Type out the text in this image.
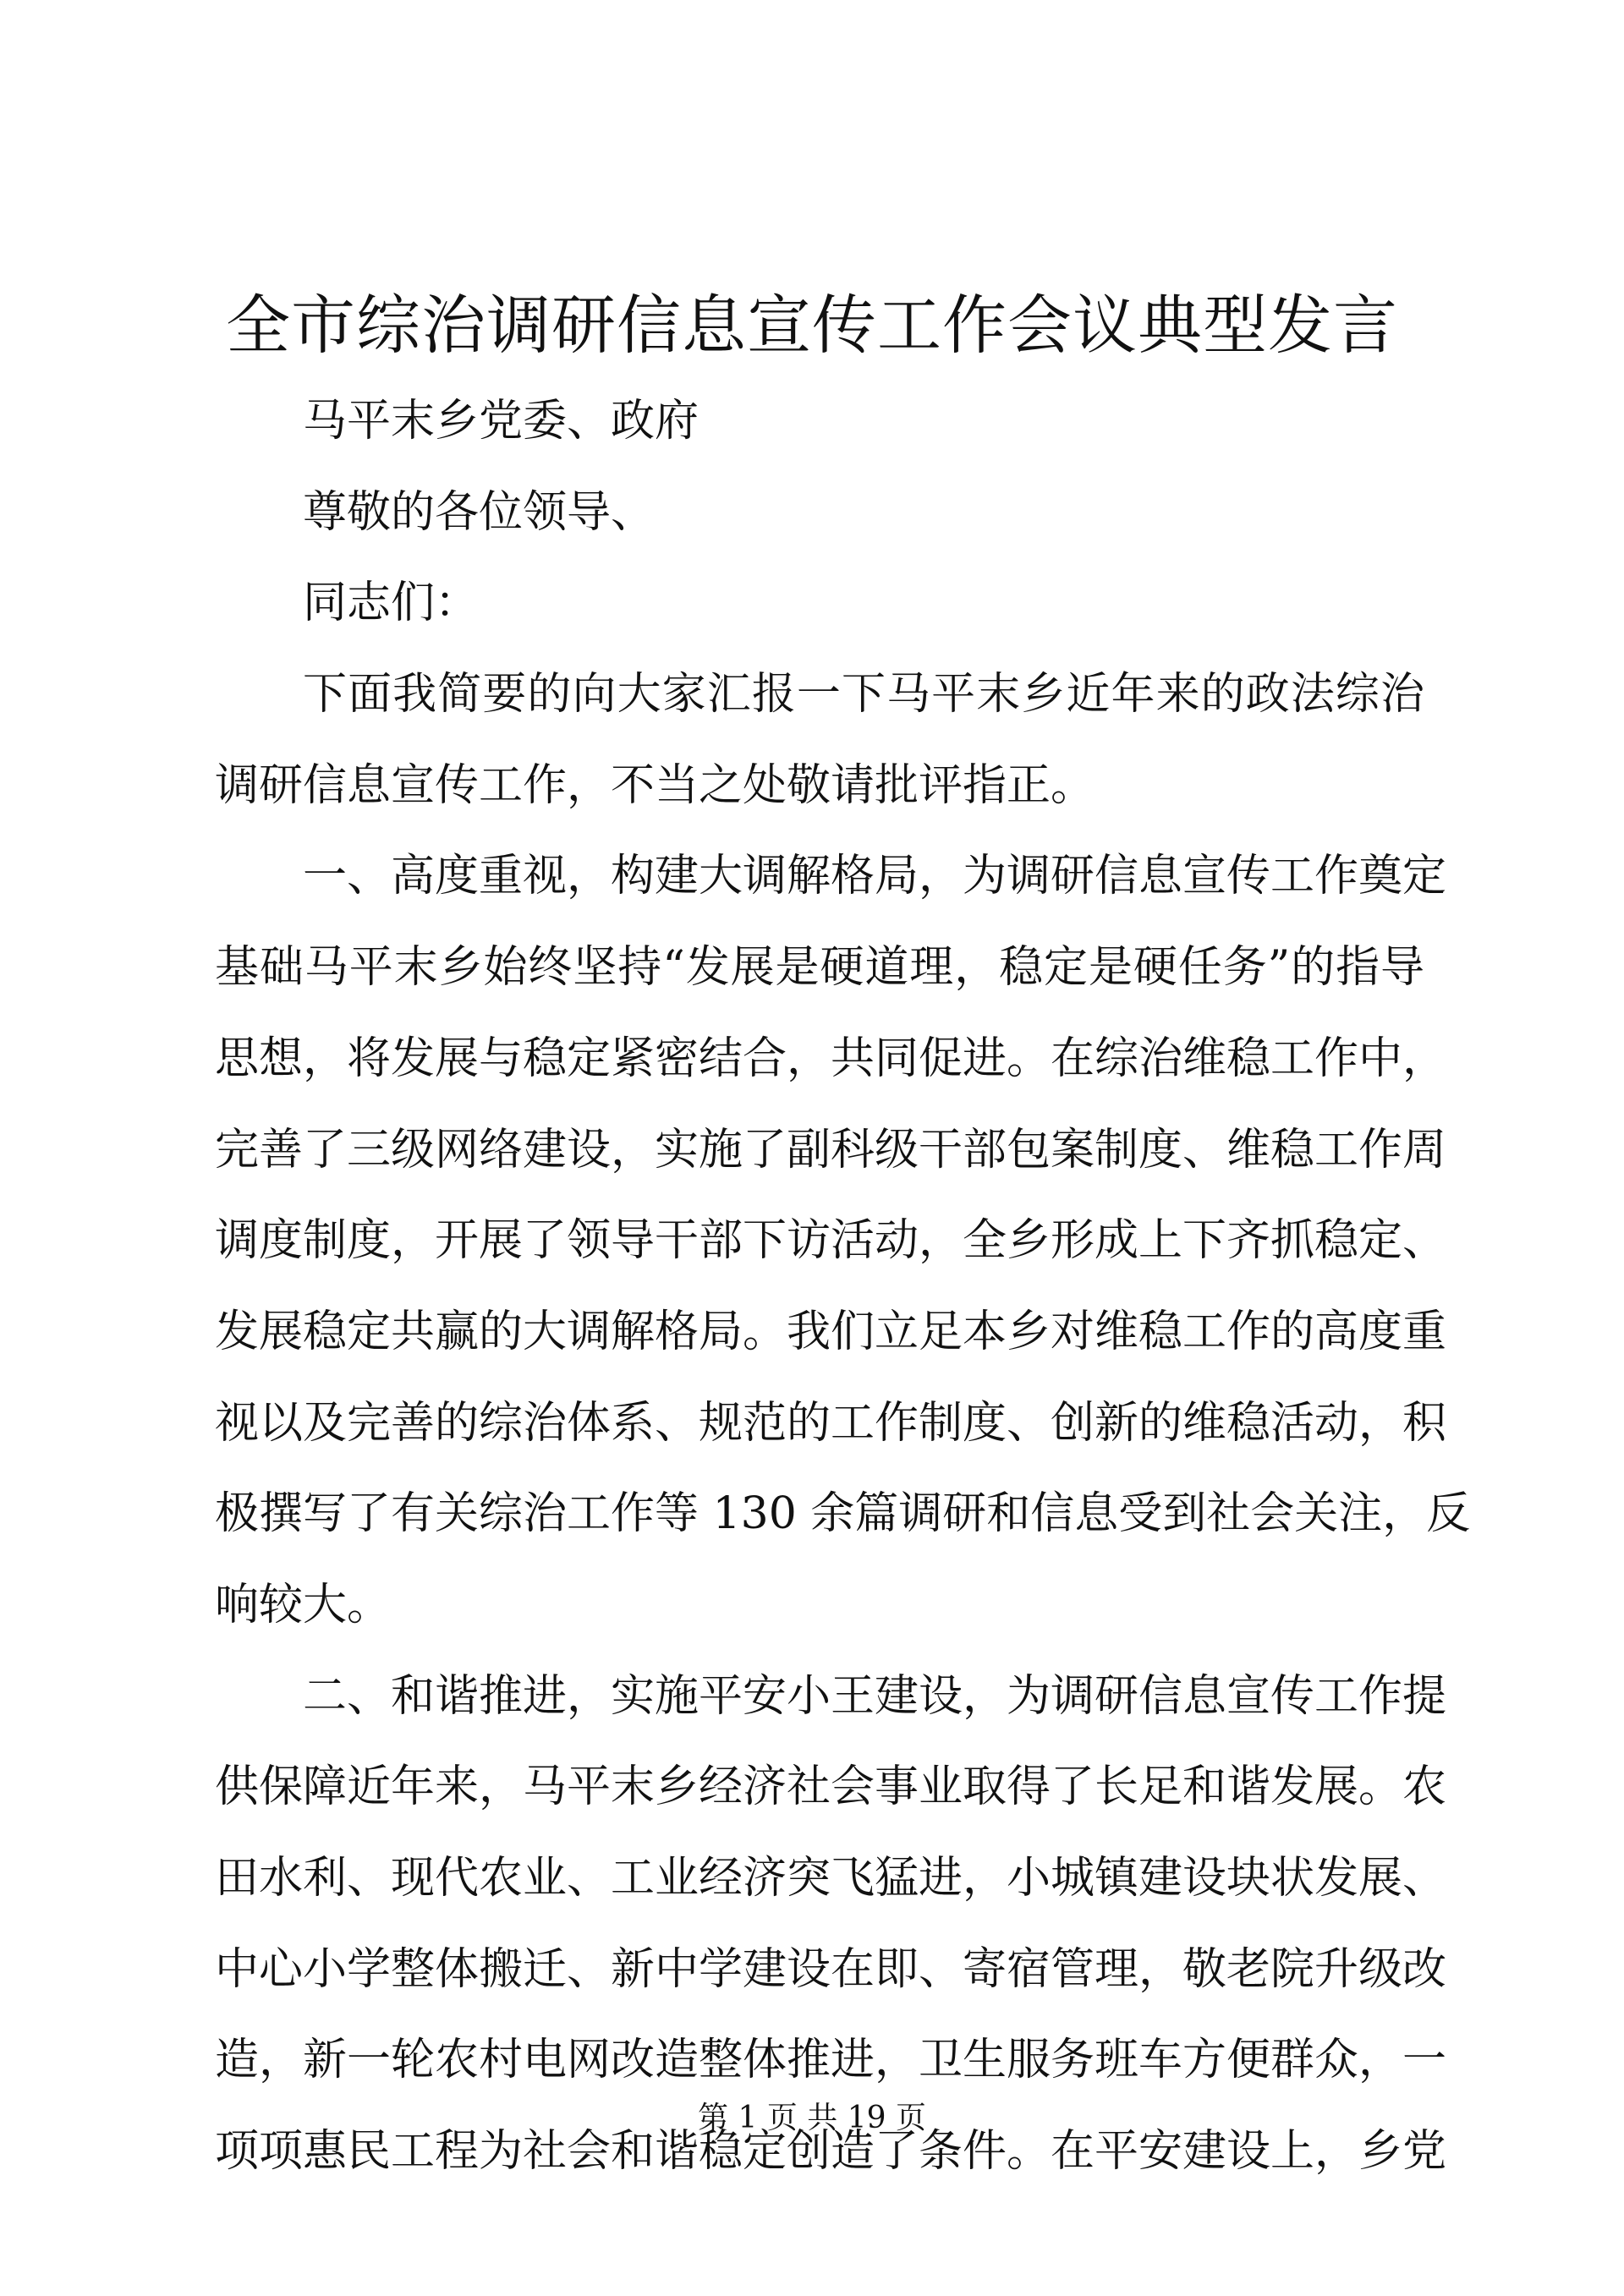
全市综治调研信息宣传工作会议典型发言
马平末乡党委、政府
尊敬的各位领导、
同志们：
下面我简要的向大家汇报一下马平末乡近年来的政法综治
调研信息宣传工作，不当之处敬请批评指正。
一、高度重视，构建大调解格局，为调研信息宣传工作奠定
基础马平末乡始终坚持“发展是硬道理，稳定是硬任务”的指导
思想，将发展与稳定紧密结合，共同促进。在综治维稳工作中，
完善了三级网络建设，实施了副科级干部包案制度、维稳工作周
调度制度，开展了领导干部下访活动，全乡形成上下齐抓稳定、
发展稳定共赢的大调解格局。我们立足本乡对维稳工作的高度重
视以及完善的综治体系、规范的工作制度、创新的维稳活动，积
极撰写了有关综治工作等 130 余篇调研和信息受到社会关注，反
响较大。
二、和谐推进，实施平安小王建设，为调研信息宣传工作提
供保障近年来，马平末乡经济社会事业取得了长足和谐发展。农
田水利、现代农业、工业经济突飞猛进，小城镇建设块状发展、
中心小学整体搬迁、新中学建设在即、寄宿管理，敬老院升级改
造，新一轮农村电网改造整体推进，卫生服务班车方便群众，一
项项惠民工程为社会和谐稳定创造了条件。在平安建设上，乡党
第 1 页 共 19 页
